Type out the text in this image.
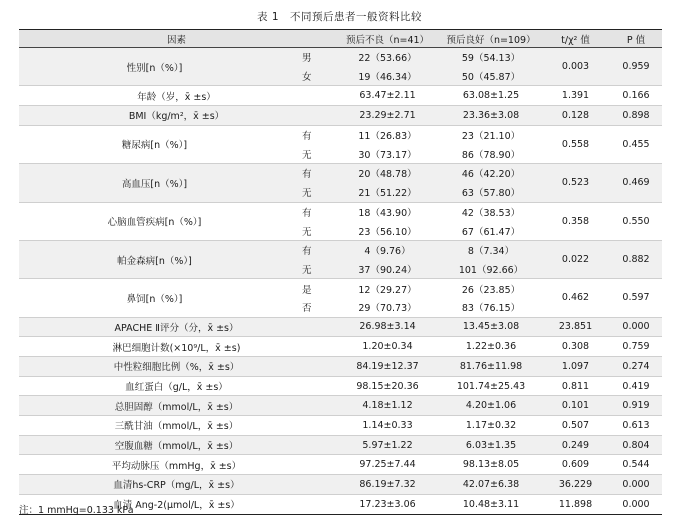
表 1　不同预后患者一般资料比较
因素		预后不良（n=41）	预后良好（n=109）	t/χ² 值	P 值
性别[n（%）]	男	22（53.66）	59（54.13）	0.003	0.959
	女	19（46.34）	50（45.87）		
年龄（岁，x̄ ±s）		63.47±2.11	63.08±1.25	1.391	0.166
BMI（kg/m²，x̄ ±s）		23.29±2.71	23.36±3.08	0.128	0.898
糖尿病[n（%）]	有	11（26.83）	23（21.10）	0.558	0.455
	无	30（73.17）	86（78.90）		
高血压[n（%）]	有	20（48.78）	46（42.20）	0.523	0.469
	无	21（51.22）	63（57.80）		
心脑血管疾病[n（%）]	有	18（43.90）	42（38.53）	0.358	0.550
	无	23（56.10）	67（61.47）		
帕金森病[n（%）]	有	4（9.76）	8（7.34）	0.022	0.882
	无	37（90.24）	101（92.66）		
鼻饲[n（%）]	是	12（29.27）	26（23.85）	0.462	0.597
	否	29（70.73）	83（76.15）		
APACHE Ⅱ评分（分，x̄ ±s）		26.98±3.14	13.45±3.08	23.851	0.000
淋巴细胞计数(×10⁹/L，x̄ ±s)		1.20±0.34	1.22±0.36	0.308	0.759
中性粒细胞比例（%，x̄ ±s）		84.19±12.37	81.76±11.98	1.097	0.274
血红蛋白（g/L，x̄ ±s）		98.15±20.36	101.74±25.43	0.811	0.419
总胆固醇（mmol/L，x̄ ±s）		4.18±1.12	4.20±1.06	0.101	0.919
三酰甘油（mmol/L，x̄ ±s）		1.14±0.33	1.17±0.32	0.507	0.613
空腹血糖（mmol/L，x̄ ±s）		5.97±1.22	6.03±1.35	0.249	0.804
平均动脉压（mmHg，x̄ ±s）		97.25±7.44	98.13±8.05	0.609	0.544
血清hs-CRP（mg/L，x̄ ±s）		86.19±7.32	42.07±6.38	36.229	0.000
血清 Ang-2(μmol/L，x̄ ±s）		17.23±3.06	10.48±3.11	11.898	0.000
注：1 mmHg=0.133 kPa
